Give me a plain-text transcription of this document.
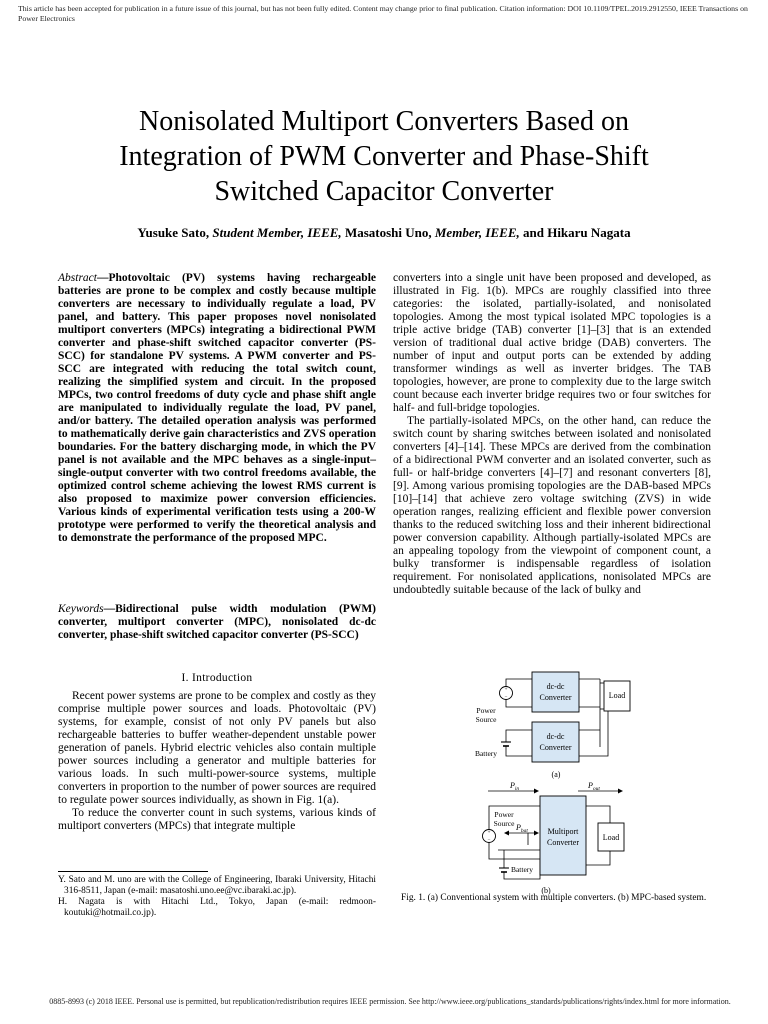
This article has been accepted for publication in a future issue of this journal, but has not been fully edited. Content may change prior to final publication. Citation information: DOI 10.1109/TPEL.2019.2912550, IEEE Transactions on Power Electronics
Nonisolated Multiport Converters Based on
Integration of PWM Converter and Phase-Shift
Switched Capacitor Converter
Yusuke Sato, Student Member, IEEE, Masatoshi Uno, Member, IEEE, and Hikaru Nagata

Abstract—Photovoltaic (PV) systems having rechargeable batteries are prone to be complex and costly because multiple converters are necessary to individually regulate a load, PV panel, and battery. This paper proposes novel nonisolated multiport converters (MPCs) integrating a bidirectional PWM converter and phase-shift switched capacitor converter (PS-SCC) for standalone PV systems. A PWM converter and PS-SCC are integrated with reducing the total switch count, realizing the simplified system and circuit. In the proposed MPCs, two control freedoms of duty cycle and phase shift angle are manipulated to individually regulate the load, PV panel, and/or battery. The detailed operation analysis was performed to mathematically derive gain characteristics and ZVS operation boundaries. For the battery discharging mode, in which the PV panel is not available and the MPC behaves as a single-input–single-output converter with two control freedoms available, the optimized control scheme achieving the lowest RMS current is also proposed to maximize power conversion efficiencies. Various kinds of experimental verification tests using a 200-W prototype were performed to verify the theoretical analysis and to demonstrate the performance of the proposed MPC.

Keywords—Bidirectional pulse width modulation (PWM) converter, multiport converter (MPC), nonisolated dc-dc converter, phase-shift switched capacitor converter (PS-SCC)

I. Introduction

Recent power systems are prone to be complex and costly as they comprise multiple power sources and loads. Photovoltaic (PV) systems, for example, consist of not only PV panels but also rechargeable batteries to buffer weather-dependent unstable power generation of panels. Hybrid electric vehicles also contain multiple power sources including a generator and multiple batteries for various loads. In such multi-power-source systems, multiple converters in proportion to the number of power sources are required to regulate power sources individually, as shown in Fig. 1(a).

To reduce the converter count in such systems, various kinds of multiport converters (MPCs) that integrate multiple

converters into a single unit have been proposed and developed, as illustrated in Fig. 1(b). MPCs are roughly classified into three categories: the isolated, partially-isolated, and nonisolated topologies. Among the most typical isolated MPC topologies is a triple active bridge (TAB) converter [1]–[3] that is an extended version of traditional dual active bridge (DAB) converters. The number of input and output ports can be extended by adding transformer windings as well as inverter bridges. The TAB topologies, however, are prone to complexity due to the large switch count because each inverter bridge requires two or four switches for half- and full-bridge topologies.

The partially-isolated MPCs, on the other hand, can reduce the switch count by sharing switches between isolated and nonisolated converters [4]–[14]. These MPCs are derived from the combination of a bidirectional PWM converter and an isolated converter, such as full- or half-bridge converters [4]–[7] and resonant converters [8], [9]. Among various promising topologies are the DAB-based MPCs [10]–[14] that achieve zero voltage switching (ZVS) in wide operation ranges, realizing efficient and flexible power conversion thanks to the reduced switching loss and their inherent bidirectional power conversion capability. Although partially-isolated MPCs are an appealing topology from the viewpoint of component count, a bulky transformer is indispensable regardless of isolation requirement. For nonisolated applications, nonisolated MPCs are undoubtedly suitable because of the lack of bulky and

Y. Sato and M. uno are with the College of Engineering, Ibaraki University, Hitachi 316-8511, Japan (e-mail: masatoshi.uno.ee@vc.ibaraki.ac.jp).

H. Nagata is with Hitachi Ltd., Tokyo, Japan (e-mail: redmoon-koutuki@hotmail.co.jp).

+
−
dc-dc
Converter	Load
Power
Source
Battery
dc-dc
Converter
(a)
$P_{in}$	$P_{out}$
+
−
Power
Source $P_{bat}$
Battery
Multiport
Converter
Load
(b)
Fig. 1. (a) Conventional system with multiple converters. (b) MPC-based system.
0885-8993 (c) 2018 IEEE. Personal use is permitted, but republication/redistribution requires IEEE permission. See http://www.ieee.org/publications_standards/publications/rights/index.html for more information.
